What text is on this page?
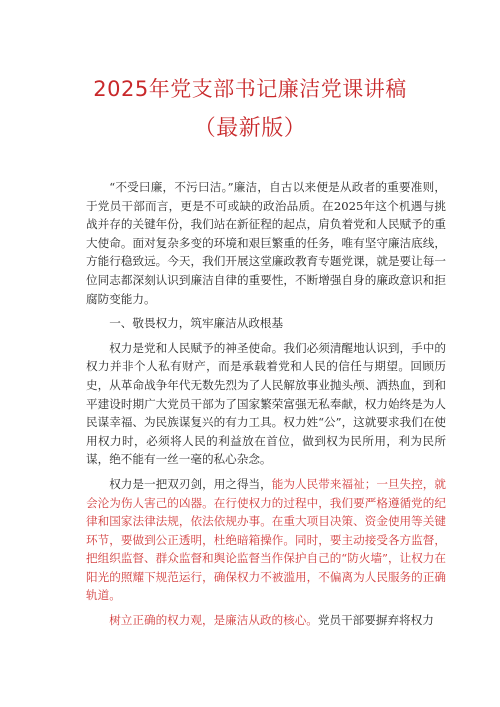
2025年党支部书记廉洁党课讲稿
（最新版）

“不受曰廉，不污曰洁。”廉洁，自古以来便是从政者的重要准则，于党员干部而言，更是不可或缺的政治品质。在2025年这个机遇与挑战并存的关键年份，我们站在新征程的起点，肩负着党和人民赋予的重大使命。面对复杂多变的环境和艰巨繁重的任务，唯有坚守廉洁底线，方能行稳致远。今天，我们开展这堂廉政教育专题党课，就是要让每一位同志都深刻认识到廉洁自律的重要性，不断增强自身的廉政意识和拒腐防变能力。

一、敬畏权力，筑牢廉洁从政根基

权力是党和人民赋予的神圣使命。我们必须清醒地认识到，手中的权力并非个人私有财产，而是承载着党和人民的信任与期望。回顾历史，从革命战争年代无数先烈为了人民解放事业抛头颅、洒热血，到和平建设时期广大党员干部为了国家繁荣富强无私奉献，权力始终是为人民谋幸福、为民族谋复兴的有力工具。权力姓“公”，这就要求我们在使用权力时，必须将人民的利益放在首位，做到权为民所用，利为民所谋，绝不能有一丝一毫的私心杂念。

权力是一把双刃剑，用之得当，能为人民带来福祉；一旦失控，就会沦为伤人害己的凶器。在行使权力的过程中，我们要严格遵循党的纪律和国家法律法规，依法依规办事。在重大项目决策、资金使用等关键环节，要做到公正透明，杜绝暗箱操作。同时，要主动接受各方监督，把组织监督、群众监督和舆论监督当作保护自己的“防火墙”，让权力在阳光的照耀下规范运行，确保权力不被滥用，不偏离为人民服务的正确轨道。

树立正确的权力观，是廉洁从政的核心。党员干部要摒弃将权力
